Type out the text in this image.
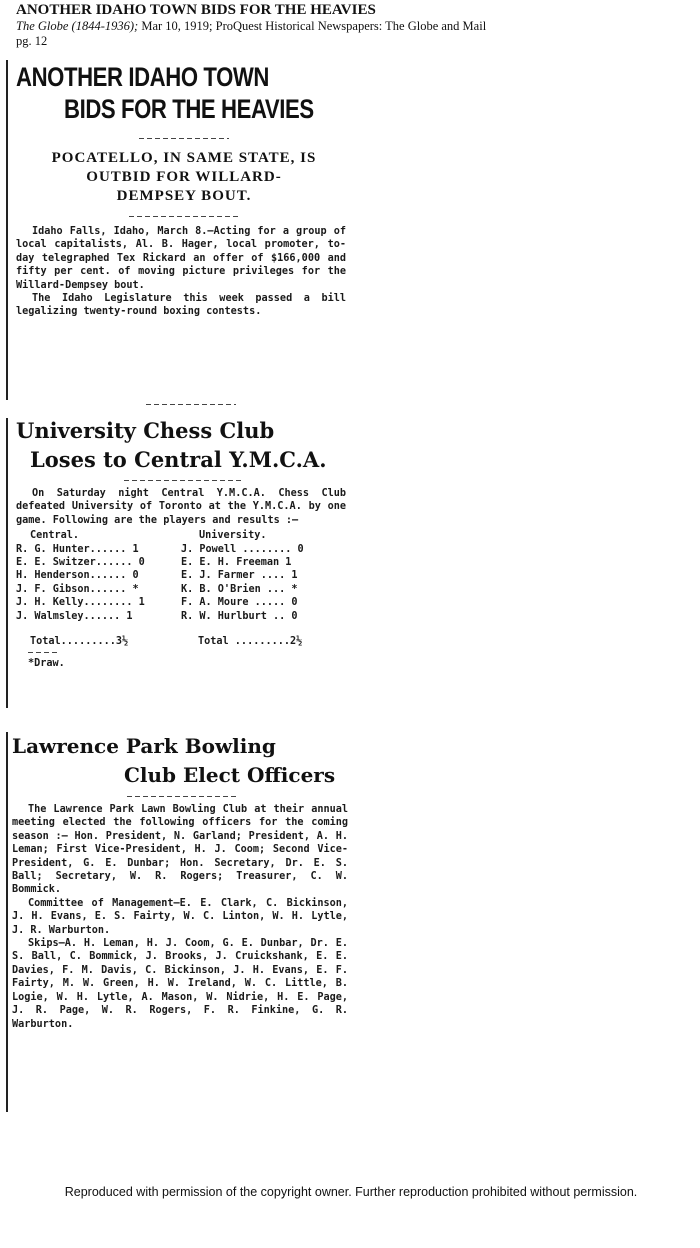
ANOTHER IDAHO TOWN BIDS FOR THE HEAVIES
The Globe (1844-1936); Mar 10, 1919; ProQuest Historical Newspapers: The Globe and Mail
pg. 12
ANOTHER IDAHO TOWN
BIDS FOR THE HEAVIES
POCATELLO, IN SAME STATE, IS
OUTBID FOR WILLARD-
DEMPSEY BOUT.

Idaho Falls, Idaho, March 8.—Acting for a group of local capitalists, Al. B. Hager, local promoter, to-day telegraphed Tex Rickard an offer of $166,000 and fifty per cent. of moving picture privileges for the Willard-Dempsey bout.

The Idaho Legislature this week passed a bill legalizing twenty-round boxing contests.

University Chess Club
Loses to Central Y.M.C.A.

On Saturday night Central Y.M.C.A. Chess Club defeated University of Toronto at the Y.M.C.A. by one game. Following are the players and results :—

Central.	University.
R. G. Hunter...... 1	J. Powell ........ 0
E. E. Switzer...... 0	E. E. H. Freeman 1
H. Henderson...... 0	E. J. Farmer .... 1
J. F. Gibson...... *	K. B. O'Brien ... *
J. H. Kelly........ 1	F. A. Moure ..... 0
J. Walmsley...... 1	R. W. Hurlburt .. 0
Total.........3½	Total .........2½
*Draw.
Lawrence Park Bowling
Club Elect Officers

The Lawrence Park Lawn Bowling Club at their annual meeting elected the following officers for the coming season :— Hon. President, N. Garland; President, A. H. Leman; First Vice-President, H. J. Coom; Second Vice-President, G. E. Dunbar; Hon. Secretary, Dr. E. S. Ball; Secretary, W. R. Rogers; Treasurer, C. W. Bommick.

Committee of Management—E. E. Clark, C. Bickinson, J. H. Evans, E. S. Fairty, W. C. Linton, W. H. Lytle, J. R. Warburton.

Skips—A. H. Leman, H. J. Coom, G. E. Dunbar, Dr. E. S. Ball, C. Bommick, J. Brooks, J. Cruickshank, E. E. Davies, F. M. Davis, C. Bickinson, J. H. Evans, E. F. Fairty, M. W. Green, H. W. Ireland, W. C. Little, B. Logie, W. H. Lytle, A. Mason, W. Nidrie, H. E. Page, J. R. Page, W. R. Rogers, F. R. Finkine, G. R. Warburton.

Reproduced with permission of the copyright owner. Further reproduction prohibited without permission.
